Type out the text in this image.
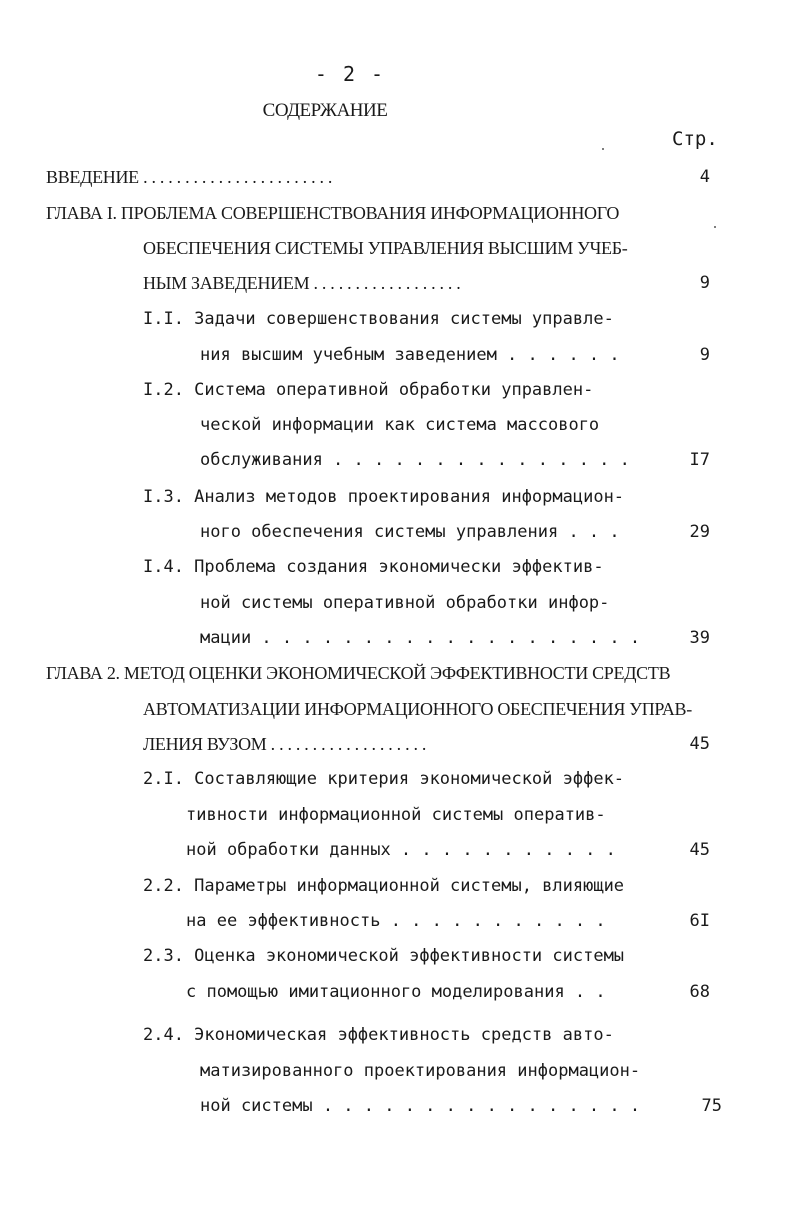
- 2 -
СОДЕРЖАНИЕ
Стр.
ВВЕДЕНИЕ . . . . . . . . . . . . . . . . . . . . . . .	4
ГЛАВА I. ПРОБЛЕМА СОВЕРШЕНСТВОВАНИЯ ИНФОРМАЦИОННОГО
ОБЕСПЕЧЕНИЯ СИСТЕМЫ УПРАВЛЕНИЯ ВЫСШИМ УЧЕБ-
НЫМ ЗАВЕДЕНИЕМ . . . . . . . . . . . . . . . . . .	9
I.I. Задачи совершенствования системы управле-
ния высшим учебным заведением . . . . . .	9
I.2. Система оперативной обработки управлен-
ческой информации как система массового
обслуживания . . . . . . . . . . . . . . .	I7
I.3. Анализ методов проектирования информацион-
ного обеспечения системы управления . . .	29
I.4. Проблема создания экономически эффектив-
ной системы оперативной обработки инфор-
мации . . . . . . . . . . . . . . . . . . .	39
ГЛАВА 2. МЕТОД ОЦЕНКИ ЭКОНОМИЧЕСКОЙ ЭФФЕКТИВНОСТИ СРЕДСТВ
АВТОМАТИЗАЦИИ ИНФОРМАЦИОННОГО ОБЕСПЕЧЕНИЯ УПРАВ-
ЛЕНИЯ ВУЗОМ . . . . . . . . . . . . . . . . . . .	45
2.I. Составляющие критерия экономической эффек-
тивности информационной системы оператив-
ной обработки данных . . . . . . . . . . .	45
2.2. Параметры информационной системы, влияющие
на ее эффективность . . . . . . . . . . .	6I
2.3. Оценка экономической эффективности системы
с помощью имитационного моделирования . .	68
2.4. Экономическая эффективность средств авто-
матизированного проектирования информацион-
ной системы . . . . . . . . . . . . . . . .	75
